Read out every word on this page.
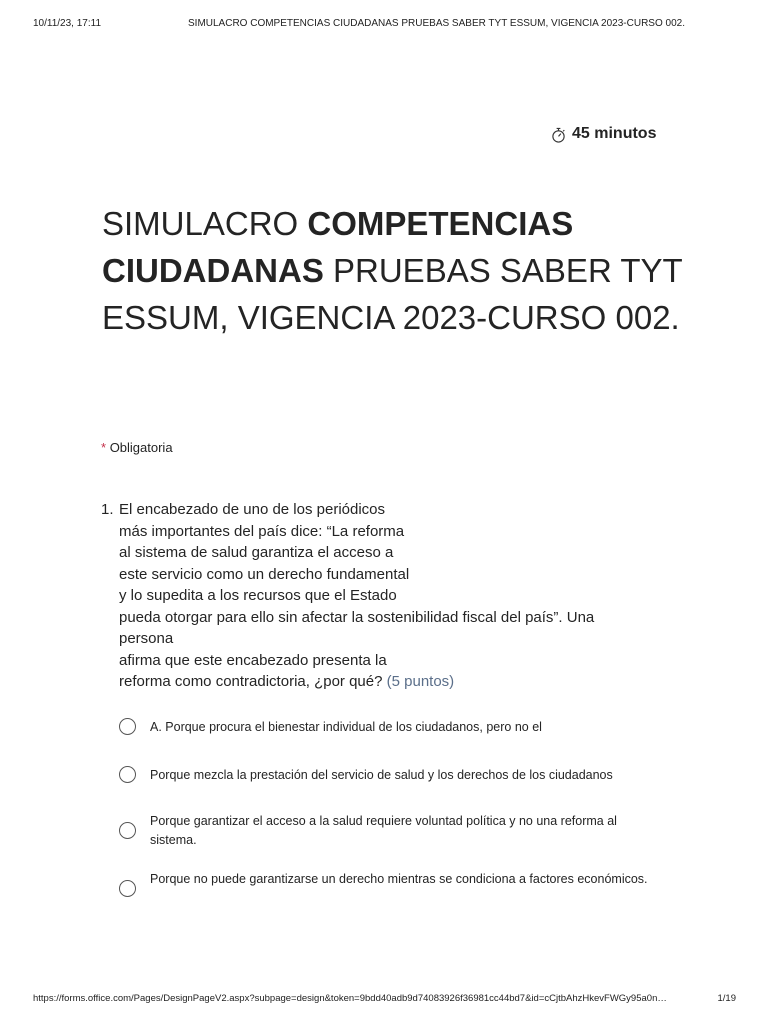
10/11/23, 17:11	SIMULACRO COMPETENCIAS CIUDADANAS PRUEBAS SABER TYT ESSUM, VIGENCIA 2023-CURSO 002.
45 minutos
SIMULACRO COMPETENCIAS CIUDADANAS PRUEBAS SABER TYT ESSUM, VIGENCIA 2023-CURSO 002.
* Obligatoria
1. El encabezado de uno de los periódicos
más importantes del país dice: “La reforma
al sistema de salud garantiza el acceso a
este servicio como un derecho fundamental
y lo supedita a los recursos que el Estado
pueda otorgar para ello sin afectar la sostenibilidad fiscal del país”. Una
persona
afirma que este encabezado presenta la
reforma como contradictoria, ¿por qué? (5 puntos)
A. Porque procura el bienestar individual de los ciudadanos, pero no el
Porque mezcla la prestación del servicio de salud y los derechos de los ciudadanos
Porque garantizar el acceso a la salud requiere voluntad política y no una reforma al sistema.
Porque no puede garantizarse un derecho mientras se condiciona a factores económicos.
https://forms.office.com/Pages/DesignPageV2.aspx?subpage=design&token=9bdd40adb9d74083926f36981cc44bd7&id=cCjtbAhzHkevFWGy95a0n…	1/19
